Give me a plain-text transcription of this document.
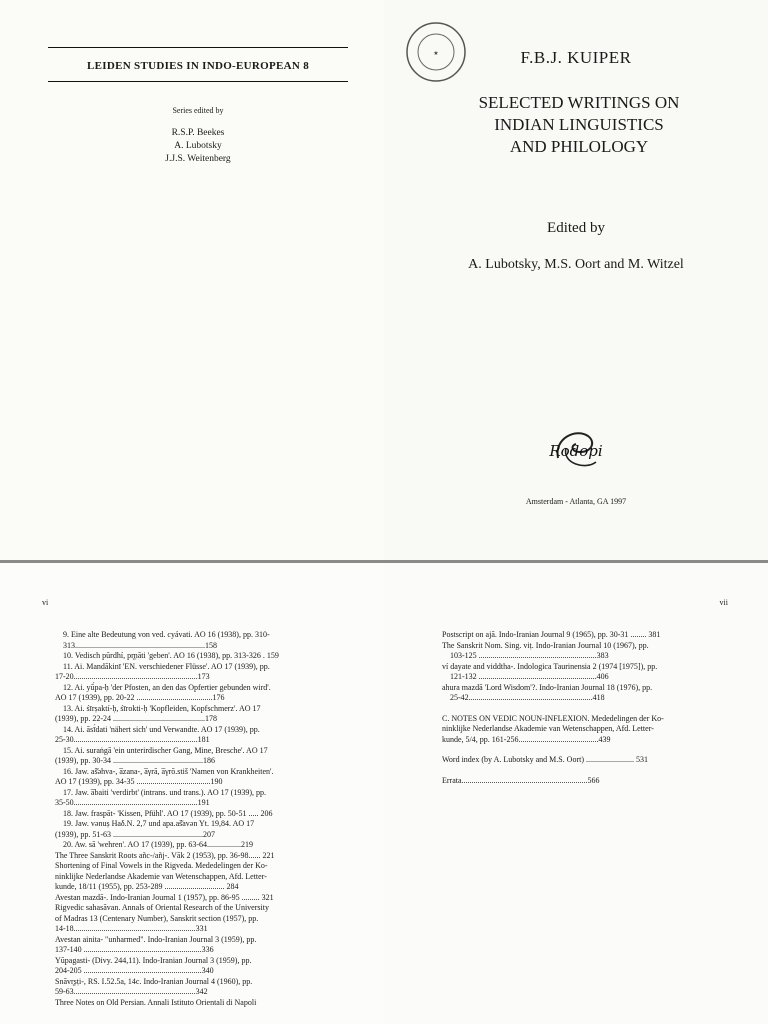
LEIDEN STUDIES IN INDO-EUROPEAN 8
Series edited by
R.S.P. Beekes
A. Lubotsky
J.J.S. Weitenberg
★	F.B.J. KUIPER
SELECTED WRITINGS ON
INDIAN LINGUISTICS
AND PHILOLOGY
Edited by
A. Lubotsky, M.S. Oort and M. Witzel
Rodopi
Amsterdam - Atlanta, GA 1997
vi
9. Eine alte Bedeutung von ved. cyávati. AO 16 (1938), pp. 310-
313.................................................................158
10. Vedisch pūrdhí, pr̥ṇāti 'geben'. AO 16 (1938), pp. 313-326 . 159
11. Ai. Mandākinī 'EN. verschiedener Flüsse'. AO 17 (1939), pp.
17-20..............................................................173
12. Ai. yū́pa-ḥ 'der Pfosten, an den das Opfertier gebunden wird'.
AO 17 (1939), pp. 20-22 ......................................176
13. Ai. śīrṣaktí-ḥ, śīrokti-ḥ 'Kopfleiden, Kopfschmerz'. AO 17
(1939), pp. 22-24 ..............................................178
14. Ai. āsī́dati 'nähert sich' und Verwandte. AO 17 (1939), pp.
25-30..............................................................181
15. Ai. suraṅgā 'ein unterirdischer Gang, Mine, Bresche'. AO 17
(1939), pp. 30-34 .............................................186
16. Jaw. aš̌əhva-, a̅zana-, a̅γrā, a̅γrō.stiš 'Namen von Krankheiten'.
AO 17 (1939), pp. 34-35 .....................................190
17. Jaw. a̅baiti 'verdirbt' (intrans. und trans.). AO 17 (1939), pp.
35-50..............................................................191
18. Jaw. fraspāt- 'Kissen, Pfühl'. AO 17 (1939), pp. 50-51 ..... 206
19. Jaw. vənuṣ Haδ.N. 2,7 und apa.aš̌avən Yt. 19,84. AO 17
(1939), pp. 51-63 .............................................207
20. Aw. sā 'wehren'. AO 17 (1939), pp. 63-64.................219
The Three Sanskrit Roots añc-/añj-. Vāk 2 (1953), pp. 36-98...... 221
Shortening of Final Vowels in the Rigveda. Mededelingen der Ko-
ninklijke Nederlandse Akademie van Wetenschappen, Afd. Letter-
kunde, 18/11 (1955), pp. 253-289 .............................. 284
Avestan mazdā-. Indo-Iranian Journal 1 (1957), pp. 86-95 ......... 321
Rigvedic sahasāvan. Annals of Oriental Research of the University
of Madras 13 (Centenary Number), Sanskrit section (1957), pp.
14-18.............................................................331
Avestan ainita- "unharmed". Indo-Iranian Journal 3 (1959), pp.
137-140 ...........................................................336
Yūpagasti- (Divy. 244,11). Indo-Iranian Journal 3 (1959), pp.
204-205 ...........................................................340
Snāvr̥ṣṭi-, RS. I.52.5a, 14c. Indo-Iranian Journal 4 (1960), pp.
59-63.............................................................342
Three Notes on Old Persian. Annali Istituto Orientali di Napoli
vii
Postscript on ajā. Indo-Iranian Journal 9 (1965), pp. 30-31 ........ 381
The Sanskrit Nom. Sing. viṭ. Indo-Iranian Journal 10 (1967), pp.
103-125 ...........................................................383
ví dayate and viddtha-. Indologica Taurinensia 2 (1974 [1975]), pp.
121-132 ...........................................................406
ahura mazdā 'Lord Wisdom'?. Indo-Iranian Journal 18 (1976), pp.
25-42..............................................................418
C. NOTES ON VEDIC NOUN-INFLEXION. Mededelingen der Ko-
ninklijke Nederlandse Akademie van Wetenschappen, Afd. Letter-
kunde, 5/4, pp. 161-256........................................439
Word index (by A. Lubotsky and M.S. Oort) ........................ 531
Errata...............................................................566
